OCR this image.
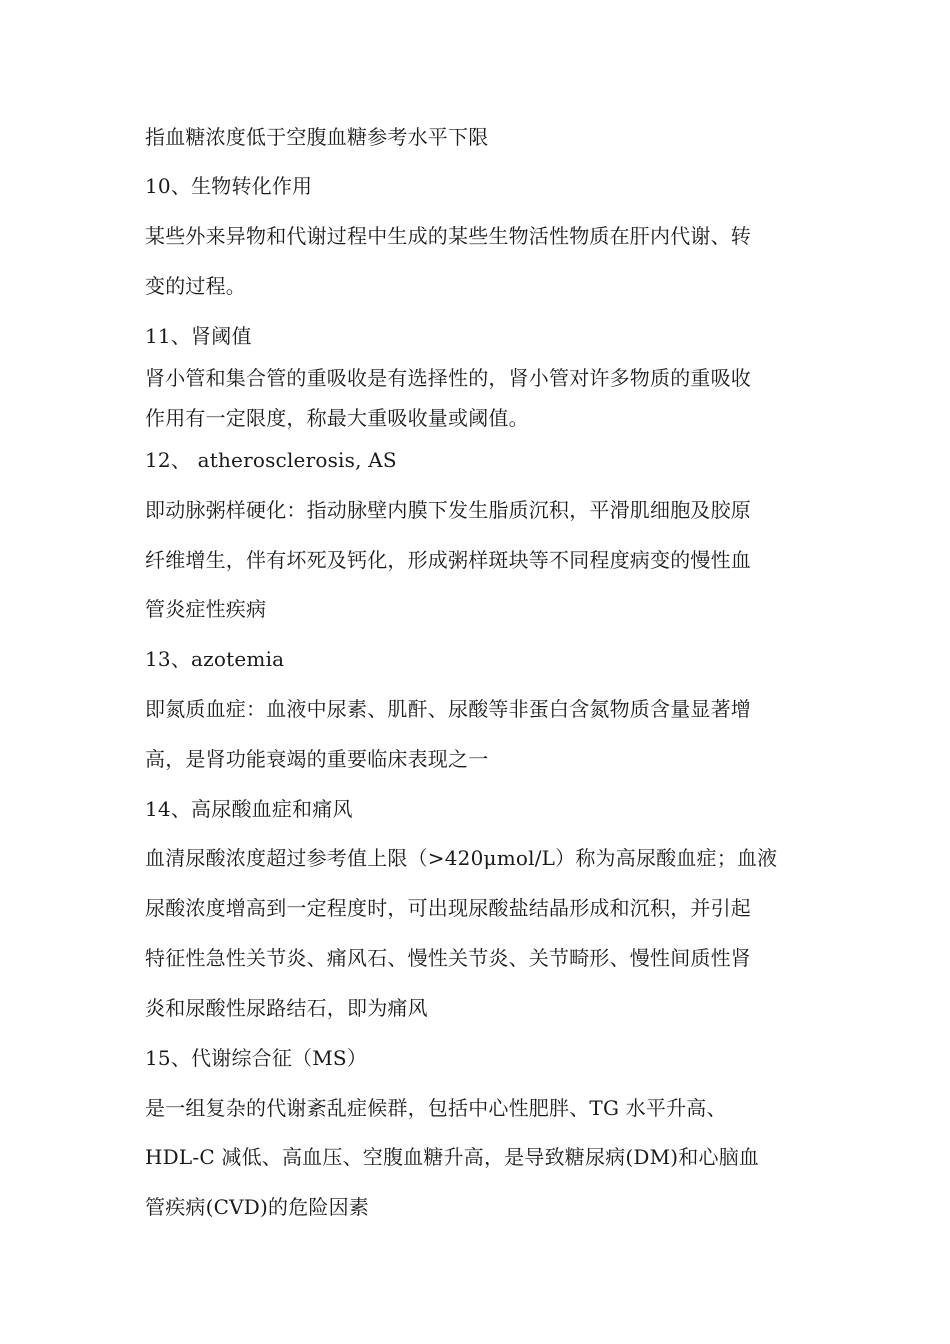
指血糖浓度低于空腹血糖参考水平下限
10、生物转化作用
某些外来异物和代谢过程中生成的某些生物活性物质在肝内代谢、转
变的过程。
11、肾阈值
肾小管和集合管的重吸收是有选择性的，肾小管对许多物质的重吸收
作用有一定限度，称最大重吸收量或阈值。
12、 atherosclerosis, AS
即动脉粥样硬化：指动脉壁内膜下发生脂质沉积，平滑肌细胞及胶原
纤维增生，伴有坏死及钙化，形成粥样斑块等不同程度病变的慢性血
管炎症性疾病
13、azotemia
即氮质血症：血液中尿素、肌酐、尿酸等非蛋白含氮物质含量显著增
高，是肾功能衰竭的重要临床表现之一
14、高尿酸血症和痛风
血清尿酸浓度超过参考值上限（>420μmol/L）称为高尿酸血症；血液
尿酸浓度增高到一定程度时，可出现尿酸盐结晶形成和沉积，并引起
特征性急性关节炎、痛风石、慢性关节炎、关节畸形、慢性间质性肾
炎和尿酸性尿路结石，即为痛风
15、代谢综合征（MS）
是一组复杂的代谢紊乱症候群，包括中心性肥胖、TG 水平升高、
HDL-C 减低、高血压、空腹血糖升高，是导致糖尿病(DM)和心脑血
管疾病(CVD)的危险因素
